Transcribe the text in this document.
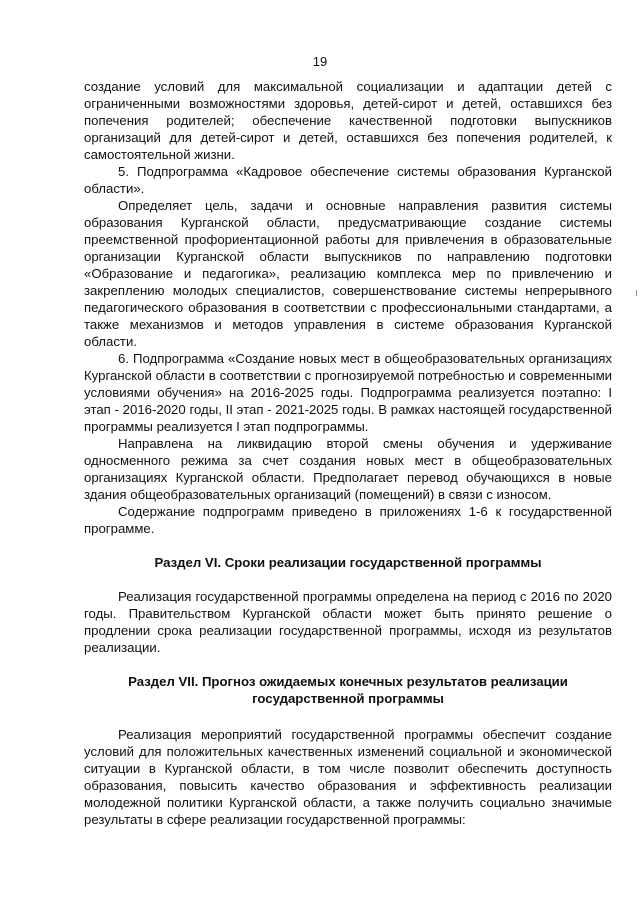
19

создание условий для максимальной социализации и адаптации детей с ограниченными возможностями здоровья, детей-сирот и детей, оставшихся без попечения родителей; обеспечение качественной подготовки выпускников организаций для детей-сирот и детей, оставшихся без попечения родителей, к самостоятельной жизни.

5. Подпрограмма «Кадровое обеспечение системы образования Курганской области».

Определяет цель, задачи и основные направления развития системы образования Курганской области, предусматривающие создание системы преемственной профориентационной работы для привлечения в образовательные организации Курганской области выпускников по направлению подготовки «Образование и педагогика», реализацию комплекса мер по привлечению и закреплению молодых специалистов, совершенствование системы непрерывного педагогического образования в соответствии с профессиональными стандартами, а также механизмов и методов управления в системе образования Курганской области.

6. Подпрограмма «Создание новых мест в общеобразовательных организациях Курганской области в соответствии с прогнозируемой потребностью и современными условиями обучения» на 2016-2025 годы. Подпрограмма реализуется поэтапно: I этап - 2016-2020 годы, II этап - 2021-2025 годы. В рамках настоящей государственной программы реализуется I этап подпрограммы.

Направлена на ликвидацию второй смены обучения и удерживание односменного режима за счет создания новых мест в общеобразовательных организациях Курганской области. Предполагает перевод обучающихся в новые здания общеобразовательных организаций (помещений) в связи с износом.

Содержание подпрограмм приведено в приложениях 1-6 к государственной программе.

Раздел VI. Сроки реализации государственной программы

Реализация государственной программы определена на период с 2016 по 2020 годы. Правительством Курганской области может быть принято решение о продлении срока реализации государственной программы, исходя из результатов реализации.

Раздел VII. Прогноз ожидаемых конечных результатов реализации
государственной программы

Реализация мероприятий государственной программы обеспечит создание условий для положительных качественных изменений социальной и экономической ситуации в Курганской области, в том числе позволит обеспечить доступность образования, повысить качество образования и эффективность реализации молодежной политики Курганской области, а также получить социально значимые результаты в сфере реализации государственной программы:
